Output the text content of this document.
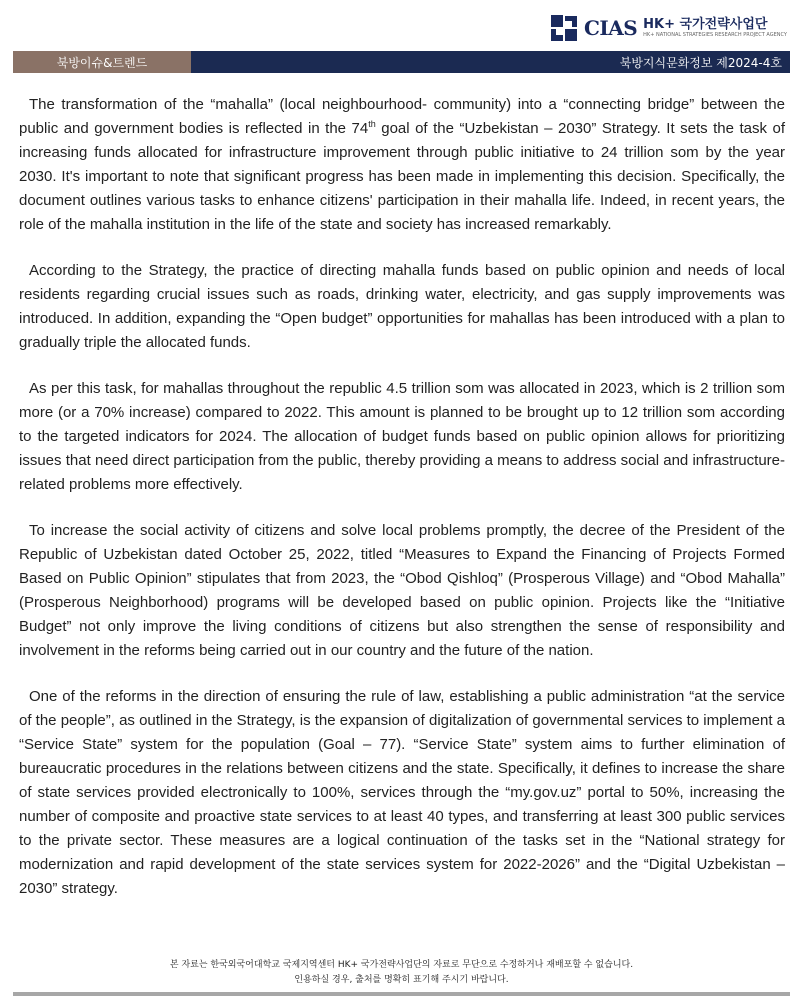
CIAS HK+ 국가전략사업단
HK+ NATIONAL STRATEGIES RESEARCH PROJECT AGENCY
북방이슈&트렌드	북방지식문화정보 제2024-4호

The transformation of the “mahalla” (local neighbourhood- community) into a “connecting bridge” between the public and government bodies is reflected in the 74th goal of the “Uzbekistan – 2030” Strategy. It sets the task of increasing funds allocated for infrastructure improvement through public initiative to 24 trillion som by the year 2030. It's important to note that significant progress has been made in implementing this decision. Specifically, the document outlines various tasks to enhance citizens' participation in their mahalla life. Indeed, in recent years, the role of the mahalla institution in the life of the state and society has increased remarkably.

According to the Strategy, the practice of directing mahalla funds based on public opinion and needs of local residents regarding crucial issues such as roads, drinking water, electricity, and gas supply improvements was introduced. In addition, expanding the “Open budget” opportunities for mahallas has been introduced with a plan to gradually triple the allocated funds.

As per this task, for mahallas throughout the republic 4.5 trillion som was allocated in 2023, which is 2 trillion som more (or a 70% increase) compared to 2022. This amount is planned to be brought up to 12 trillion som according to the targeted indicators for 2024. The allocation of budget funds based on public opinion allows for prioritizing issues that need direct participation from the public, thereby providing a means to address social and infrastructure-related problems more effectively.

To increase the social activity of citizens and solve local problems promptly, the decree of the President of the Republic of Uzbekistan dated October 25, 2022, titled “Measures to Expand the Financing of Projects Formed Based on Public Opinion” stipulates that from 2023, the “Obod Qishloq” (Prosperous Village) and “Obod Mahalla” (Prosperous Neighborhood) programs will be developed based on public opinion. Projects like the “Initiative Budget” not only improve the living conditions of citizens but also strengthen the sense of responsibility and involvement in the reforms being carried out in our country and the future of the nation.

One of the reforms in the direction of ensuring the rule of law, establishing a public administration “at the service of the people”, as outlined in the Strategy, is the expansion of digitalization of governmental services to implement a “Service State” system for the population (Goal – 77). “Service State” system aims to further elimination of bureaucratic procedures in the relations between citizens and the state. Specifically, it defines to increase the share of state services provided electronically to 100%, services through the “my.gov.uz” portal to 50%, increasing the number of composite and proactive state services to at least 40 types, and transferring at least 300 public services to the private sector. These measures are a logical continuation of the tasks set in the “National strategy for modernization and rapid development of the state services system for 2022-2026” and the “Digital Uzbekistan – 2030” strategy.

본 자료는 한국외국어대학교 국제지역센터 HK+ 국가전략사업단의 자료로 무단으로 수정하거나 재배포할 수 없습니다.
인용하실 경우, 출처를 명확히 표기해 주시기 바랍니다.
